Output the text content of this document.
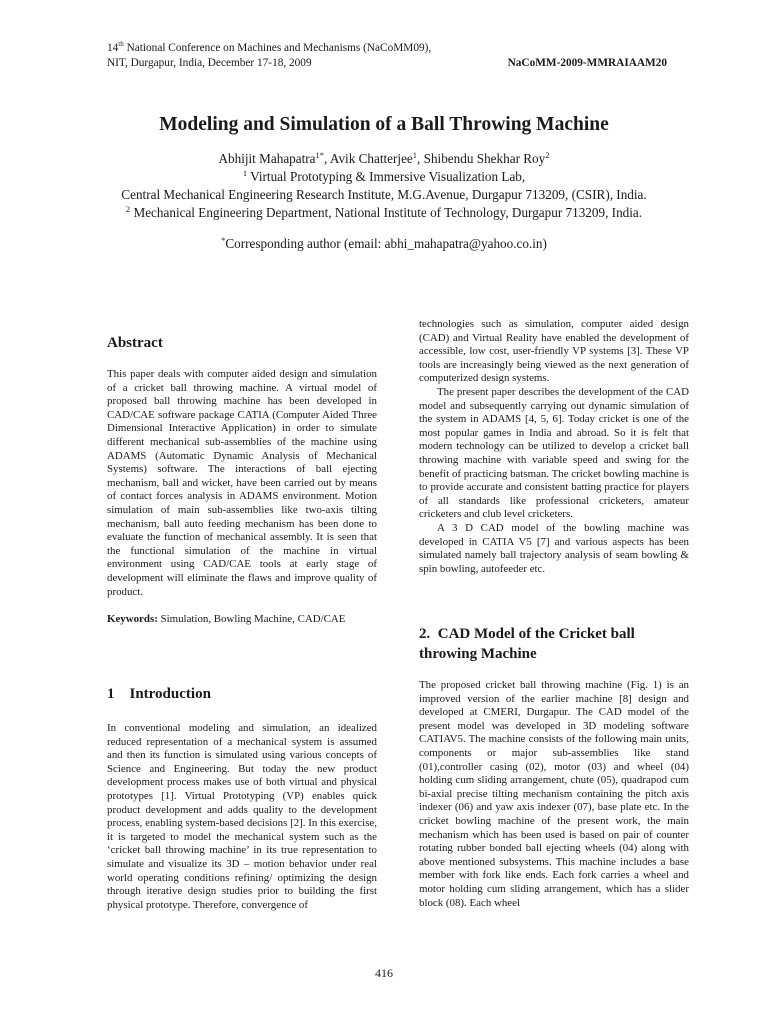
14th National Conference on Machines and Mechanisms (NaCoMM09),
NIT, Durgapur, India, December 17-18, 2009	NaCoMM-2009-MMRAIAAM20
Modeling and Simulation of a Ball Throwing Machine
Abhijit Mahapatra$^{1*}$, Avik Chatterjee$^1$, Shibendu Shekhar Roy$^2$
$^1$ Virtual Prototyping & Immersive Visualization Lab,
Central Mechanical Engineering Research Institute, M.G.Avenue, Durgapur 713209, (CSIR), India.
$^2$ Mechanical Engineering Department, National Institute of Technology, Durgapur 713209, India.
*Corresponding author (email: abhi_mahapatra@yahoo.co.in)
Abstract

This paper deals with computer aided design and simulation of a cricket ball throwing machine. A virtual model of proposed ball throwing machine has been developed in CAD/CAE software package CATIA (Computer Aided Three Dimensional Interactive Application) in order to simulate different mechanical sub-assemblies of the machine using ADAMS (Automatic Dynamic Analysis of Mechanical Systems) software. The interactions of ball ejecting mechanism, ball and wicket, have been carried out by means of contact forces analysis in ADAMS environment. Motion simulation of main sub-assemblies like two-axis tilting mechanism, ball auto feeding mechanism has been done to evaluate the function of mechanical assembly. It is seen that the functional simulation of the machine in virtual environment using CAD/CAE tools at early stage of development will eliminate the flaws and improve quality of product.

Keywords: Simulation, Bowling Machine, CAD/CAE

1    Introduction

In conventional modeling and simulation, an idealized reduced representation of a mechanical system is assumed and then its function is simulated using various concepts of Science and Engineering. But today the new product development process makes use of both virtual and physical prototypes [1]. Virtual Prototyping (VP) enables quick product development and adds quality to the development process, enabling system-based decisions [2]. In this exercise, it is targeted to model the mechanical system such as the ‘cricket ball throwing machine’ in its true representation to simulate and visualize its 3D – motion behavior under real world operating conditions refining/ optimizing the design through iterative design studies prior to building the first physical prototype. Therefore, convergence of

technologies such as simulation, computer aided design (CAD) and Virtual Reality have enabled the development of accessible, low cost, user-friendly VP systems [3]. These VP tools are increasingly being viewed as the next generation of computerized design systems.

The present paper describes the development of the CAD model and subsequently carrying out dynamic simulation of the system in ADAMS [4, 5, 6]. Today cricket is one of the most popular games in India and abroad. So it is felt that modern technology can be utilized to develop a cricket ball throwing machine with variable speed and swing for the benefit of practicing batsman. The cricket bowling machine is to provide accurate and consistent batting practice for players of all standards like professional cricketers, amateur cricketers and club level cricketers.

A 3 D CAD model of the bowling machine was developed in CATIA V5 [7] and various aspects has been simulated namely ball trajectory analysis of seam bowling & spin bowling, autofeeder etc.

2.  CAD Model of the Cricket ball throwing Machine

The proposed cricket ball throwing machine (Fig. 1) is an improved version of the earlier machine [8] design and developed at CMERI, Durgapur. The CAD model of the present model was developed in 3D modeling software CATIAV5. The machine consists of the following main units, components or major sub-assemblies like stand (01),controller casing (02), motor (03) and wheel (04) holding cum sliding arrangement, chute (05), quadrapod cum bi-axial precise tilting mechanism containing the pitch axis indexer (06) and yaw axis indexer (07), base plate etc. In the cricket bowling machine of the present work, the main mechanism which has been used is based on pair of counter rotating rubber bonded ball ejecting wheels (04) along with above mentioned subsystems. This machine includes a base member with fork like ends. Each fork carries a wheel and motor holding cum sliding arrangement, which has a slider block (08). Each wheel

416
